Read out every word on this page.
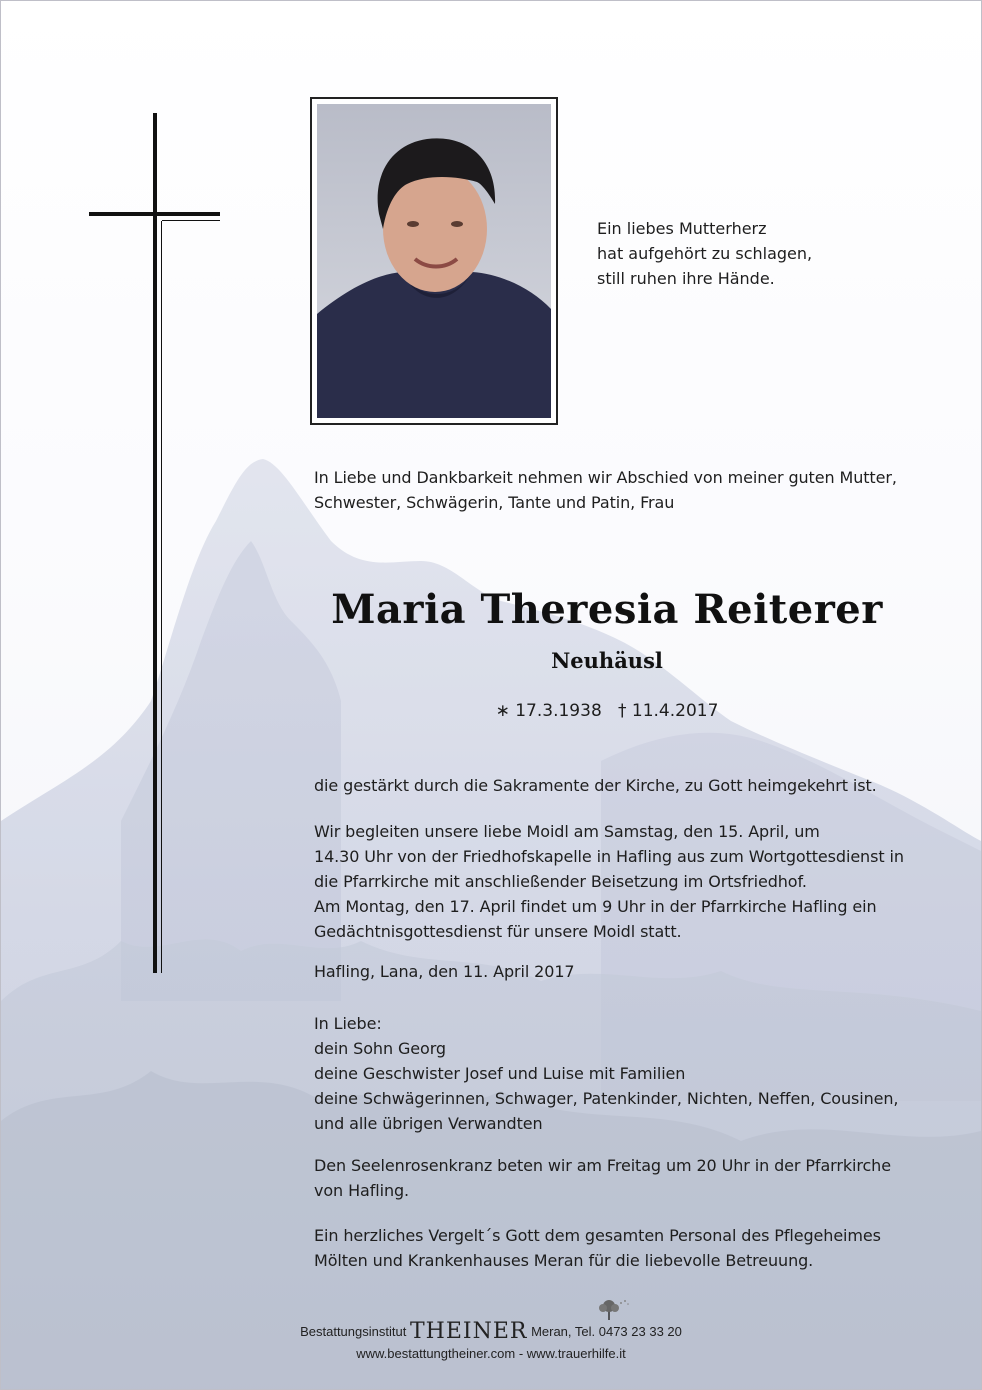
Ein liebes Mutterherz
hat aufgehört zu schlagen,
still ruhen ihre Hände.
In Liebe und Dankbarkeit nehmen wir Abschied von meiner guten Mutter,
Schwester, Schwägerin, Tante und Patin, Frau
Maria Theresia Reiterer
Neuhäusl
∗ 17.3.1938 † 11.4.2017
die gestärkt durch die Sakramente der Kirche, zu Gott heimgekehrt ist.
Wir begleiten unsere liebe Moidl am Samstag, den 15. April, um
14.30 Uhr von der Friedhofskapelle in Hafling aus zum Wortgottesdienst in
die Pfarrkirche mit anschließender Beisetzung im Ortsfriedhof.
Am Montag, den 17. April findet um 9 Uhr in der Pfarrkirche Hafling ein
Gedächtnisgottesdienst für unsere Moidl statt.
Hafling, Lana, den 11. April 2017
In Liebe:
dein Sohn Georg
deine Geschwister Josef und Luise mit Familien
deine Schwägerinnen, Schwager, Patenkinder, Nichten, Neffen, Cousinen,
und alle übrigen Verwandten
Den Seelenrosenkranz beten wir am Freitag um 20 Uhr in der Pfarrkirche
von Hafling.
Ein herzliches Vergelt´s Gott dem gesamten Personal des Pflegeheimes
Mölten und Krankenhauses Meran für die liebevolle Betreuung.
Bestattungsinstitut THEINER Meran, Tel. 0473 23 33 20
www.bestattungtheiner.com - www.trauerhilfe.it
